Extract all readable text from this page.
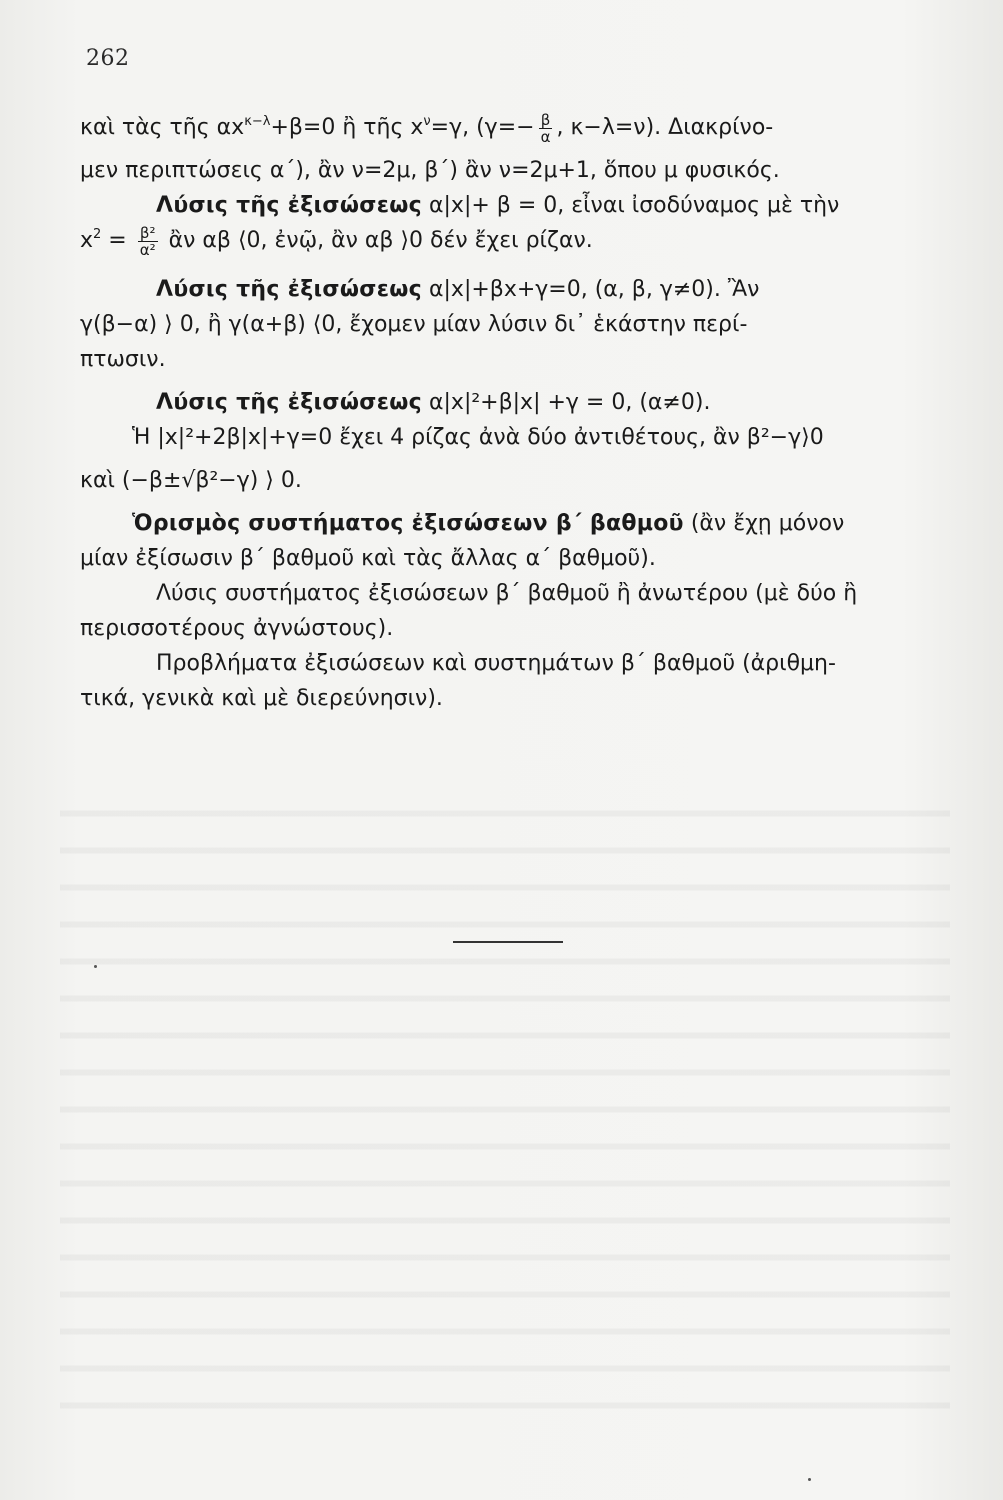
262
καὶ τὰς τῆς $\alpha x^{\kappa-\lambda}+\beta=0$ ἢ τῆς $x^\nu=\gamma$, ($\gamma=- \frac{\beta}{\alpha}$ , κ−λ=ν). Διακρίνο-
μεν περιπτώσεις α΄), ἂν ν=2μ, β΄) ἂν ν=2μ+1, ὅπου μ φυσικός.
Λύσις τῆς ἐξισώσεως α|x|+ β = 0, εἶναι ἰσοδύναμος μὲ τὴν
$x^2 = \frac{\text{β²}}{\text{α²}}$ ἂν αβ ⟨0, ἐνῷ, ἂν αβ ⟩0 δέν ἔχει ρίζαν.
Λύσις τῆς ἐξισώσεως α|x|+βx+γ=0, (α, β, γ≠0). Ἂν
γ(β−α) ⟩ 0, ἢ γ(α+β) ⟨0, ἔχομεν μίαν λύσιν δι᾽ ἑκάστην περί-
πτωσιν.
Λύσις τῆς ἐξισώσεως α|x|²+β|x| +γ = 0, (α≠0).
Ἡ |x|²+2β|x|+γ=0 ἔχει 4 ρίζας ἀνὰ δύο ἀντιθέτους, ἂν β²−γ⟩0
καὶ (−β±√β²−γ) ⟩ 0.
Ὁρισμὸς συστήματος ἐξισώσεων β΄ βαθμοῦ (ἂν ἔχῃ μόνον
μίαν ἐξίσωσιν β΄ βαθμοῦ καὶ τὰς ἄλλας α΄ βαθμοῦ).
Λύσις συστήματος ἐξισώσεων β΄ βαθμοῦ ἢ ἀνωτέρου (μὲ δύο ἢ
περισσοτέρους ἀγνώστους).
Προβλήματα ἐξισώσεων καὶ συστημάτων β΄ βαθμοῦ (ἀριθμη-
τικά, γενικὰ καὶ μὲ διερεύνησιν).
